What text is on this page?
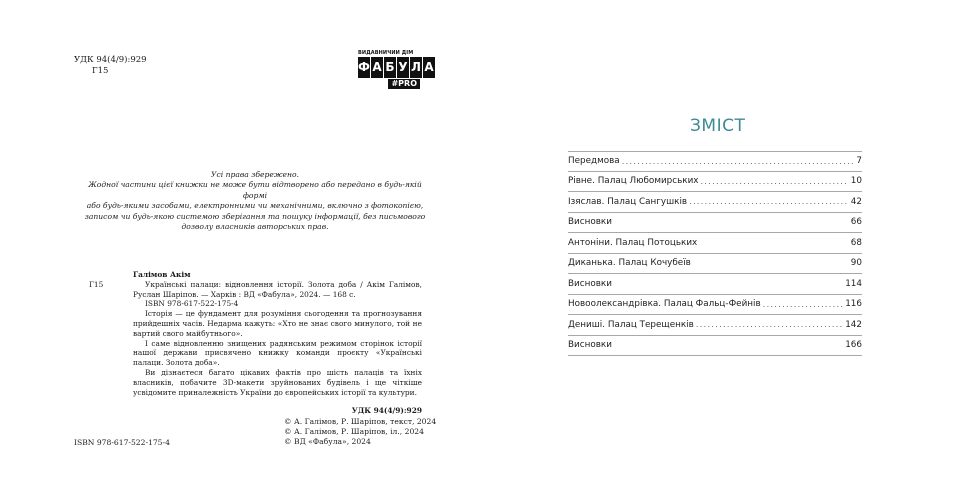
УДК 94(4/9):929
Г15
ВИДАВНИЧИЙ ДІМ
Ф А Б У Л А
#PRO
Усі права збережено.
Жодної частини цієї книжки не може бути відтворено або передано в будь-якій формі
або будь-якими засобами, електронними чи механічними, включно з фотокопією,
записом чи будь-якою системою зберігання та пошуку інформації, без письмового
дозволу власників авторських прав.
Галімов Акім
Г15	Українські палаци: відновлення історії. Золота доба / Акім Галімов, Руслан Шаріпов. — Харків : ВД «Фабула», 2024. — 168 с.
ISBN 978-617-522-175-4
Історія — це фундамент для розуміння сьогодення та прогнозування прийдешніх часів. Недарма кажуть: «Хто не знає свого минулого, той не вартий свого майбутнього».
І саме відновленню знищених радянським режимом сторінок історії нашої держави присвячено книжку команди проєкту «Українські палаци. Золота доба».
Ви дізнаєтеся багато цікавих фактів про шість палаців та їхніх власників, побачите 3D-макети зруйнованих будівель і ще чіткіше усвідомите приналежність України до європейських історії та культури.
УДК 94(4/9):929
© А. Галімов, Р. Шаріпов, текст, 2024
© А. Галімов, Р. Шаріпов, іл., 2024
© ВД «Фабула», 2024
ISBN 978-617-522-175-4
ЗМІСТ
Передмова . . .	7
Рівне. Палац Любомирських . . .	10
Ізяслав. Палац Сангушків . . .	42
Висновки	66
Антоніни. Палац Потоцьких	68
Диканька. Палац Кочубеїв	90
Висновки	114
Новоолександрівка. Палац Фальц-Фейнів . . .	116
Дениші. Палац Терещенків . . .	142
Висновки	166
